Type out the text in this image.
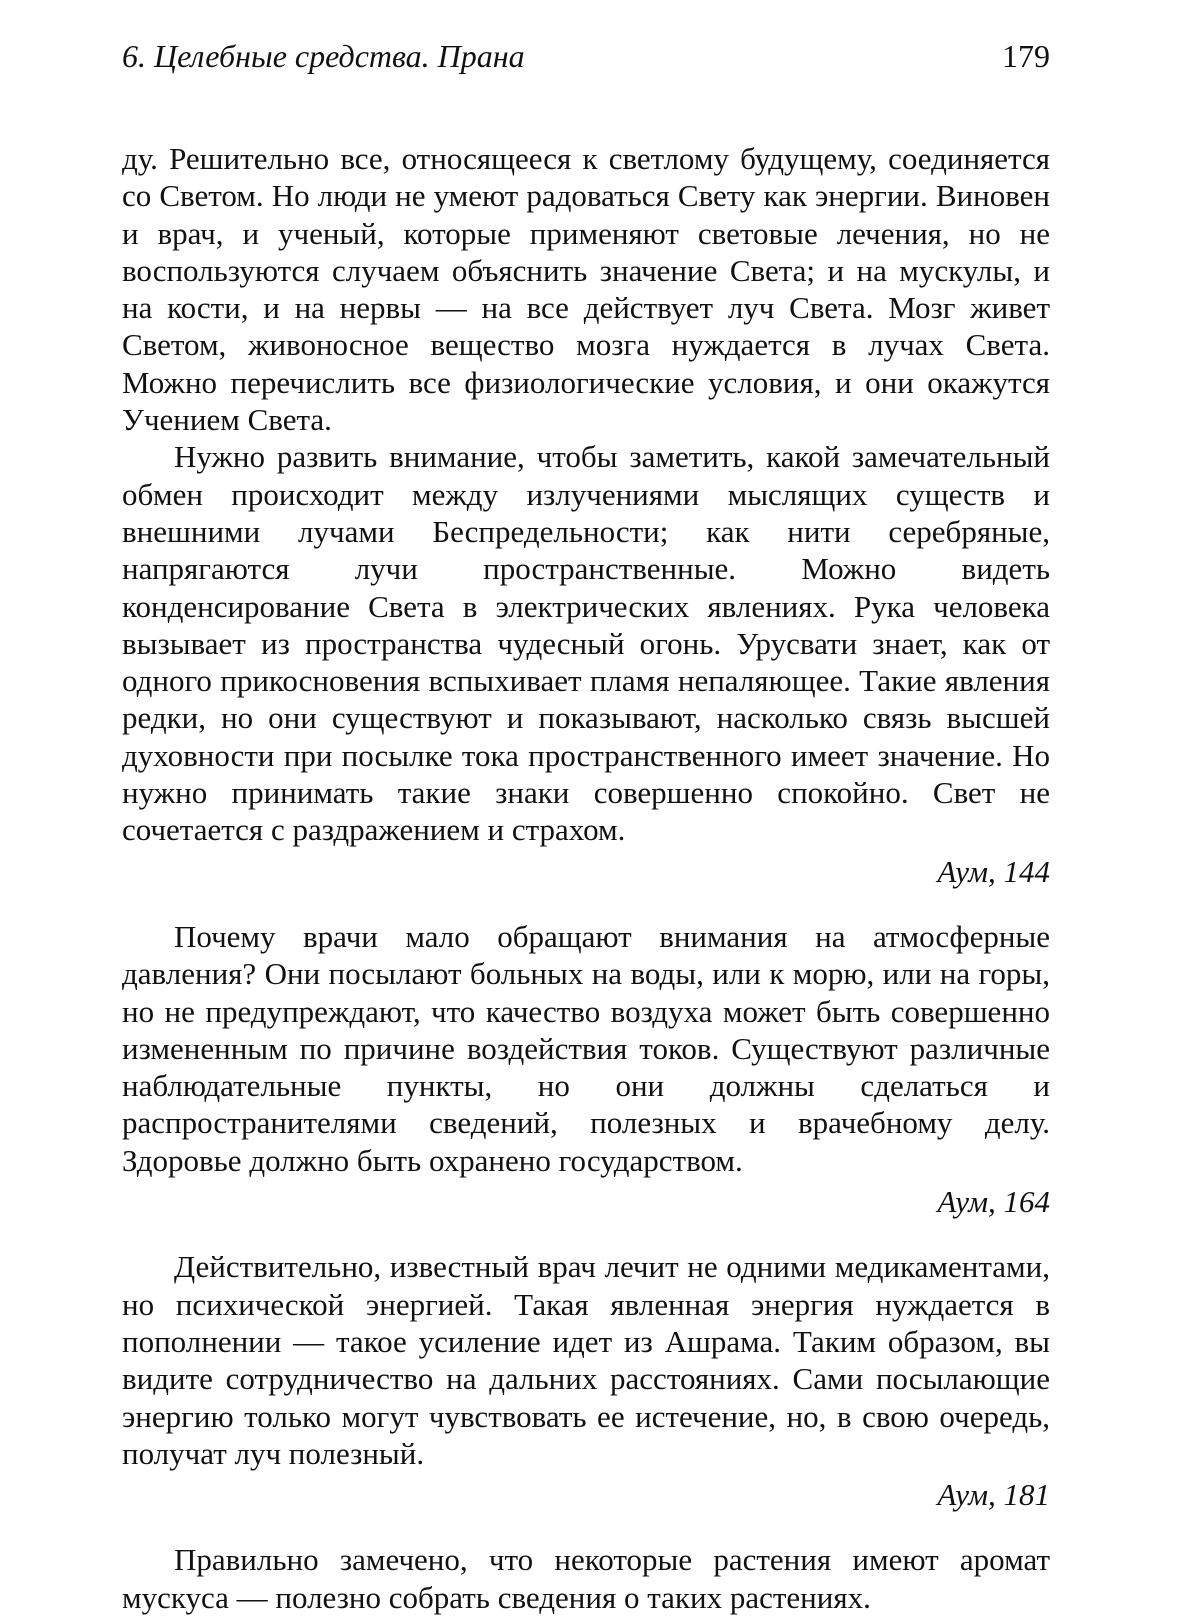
6. Целебные средства. Прана	179

ду. Решительно все, относящееся к светлому будущему, соединяется со Светом. Но люди не умеют радоваться Свету как энергии. Виновен и врач, и ученый, которые применяют световые лечения, но не воспользуются случаем объяснить значение Света; и на мускулы, и на кости, и на нервы — на все действует луч Света. Мозг живет Светом, живоносное вещество мозга нуждается в лучах Света. Можно перечислить все физиологические условия, и они окажутся Учением Света.

Нужно развить внимание, чтобы заметить, какой замечательный обмен происходит между излучениями мыслящих существ и внешними лучами Беспредельности; как нити серебряные, напрягаются лучи пространственные. Можно видеть конденсирование Света в электрических явлениях. Рука человека вызывает из пространства чудесный огонь. Урусвати знает, как от одного прикосновения вспыхивает пламя непаляющее. Такие явления редки, но они существуют и показывают, насколько связь высшей духовности при посылке тока пространственного имеет значение. Но нужно принимать такие знаки совершенно спокойно. Свет не сочетается с раздражением и страхом.

Аум, 144

Почему врачи мало обращают внимания на атмосферные давления? Они посылают больных на воды, или к морю, или на горы, но не предупреждают, что качество воздуха может быть совершенно измененным по причине воздействия токов. Существуют различные наблюдательные пункты, но они должны сделаться и распространителями сведений, полезных и врачебному делу. Здоровье должно быть охранено государством.

Аум, 164

Действительно, известный врач лечит не одними медикаментами, но психической энергией. Такая явленная энергия нуждается в пополнении — такое усиление идет из Ашрама. Таким образом, вы видите сотрудничество на дальних расстояниях. Сами посылающие энергию только могут чувствовать ее истечение, но, в свою очередь, получат луч полезный.

Аум, 181

Правильно замечено, что некоторые растения имеют аромат мускуса — полезно собрать сведения о таких растениях.
